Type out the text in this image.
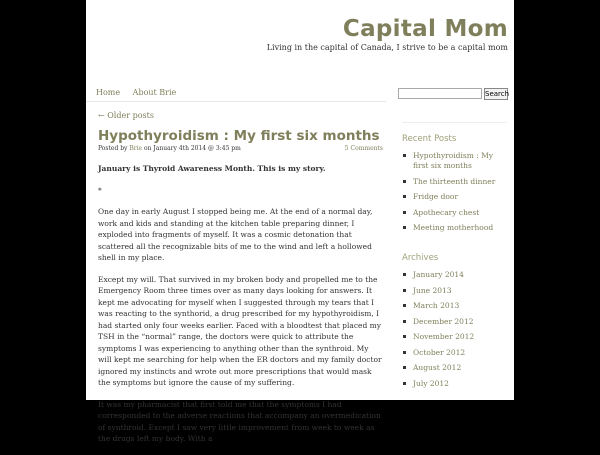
Capital Mom
Living in the capital of Canada, I strive to be a capital mom
Home About Brie	Search
← Older posts
Hypothyroidism : My first six months
Posted by Brie on January 4th 2014 @ 3:45 pm	5 Comments

January is Thyroid Awareness Month. This is my story.

*

One day in early August I stopped being me. At the end of a normal day, work and kids and standing at the kitchen table preparing dinner, I exploded into fragments of myself. It was a cosmic detonation that scattered all the recognizable bits of me to the wind and left a hollowed shell in my place.

Except my will. That survived in my broken body and propelled me to the Emergency Room three times over as many days looking for answers. It kept me advocating for myself when I suggested through my tears that I was reacting to the synthorid, a drug prescribed for my hypothyroidism, I had started only four weeks earlier. Faced with a bloodtest that placed my TSH in the “normal” range, the doctors were quick to attribute the symptoms I was experiencing to anything other than the synthroid. My will kept me searching for help when the ER doctors and my family doctor ignored my instincts and wrote out more prescriptions that would mask the symptoms but ignore the cause of my suffering.

It was my pharmacist that first told me that the symptoms I had corresponded to the adverse reactions that accompany an overmedication of synthroid. Except I saw very little improvement from week to week as the drugs left my body. With a

Recent Posts
Hypothyroidism : My first six months
The thirteenth dinner
Fridge door
Apothecary chest
Meeting motherhood
Archives
January 2014
June 2013
March 2013
December 2012
November 2012
October 2012
August 2012
July 2012
